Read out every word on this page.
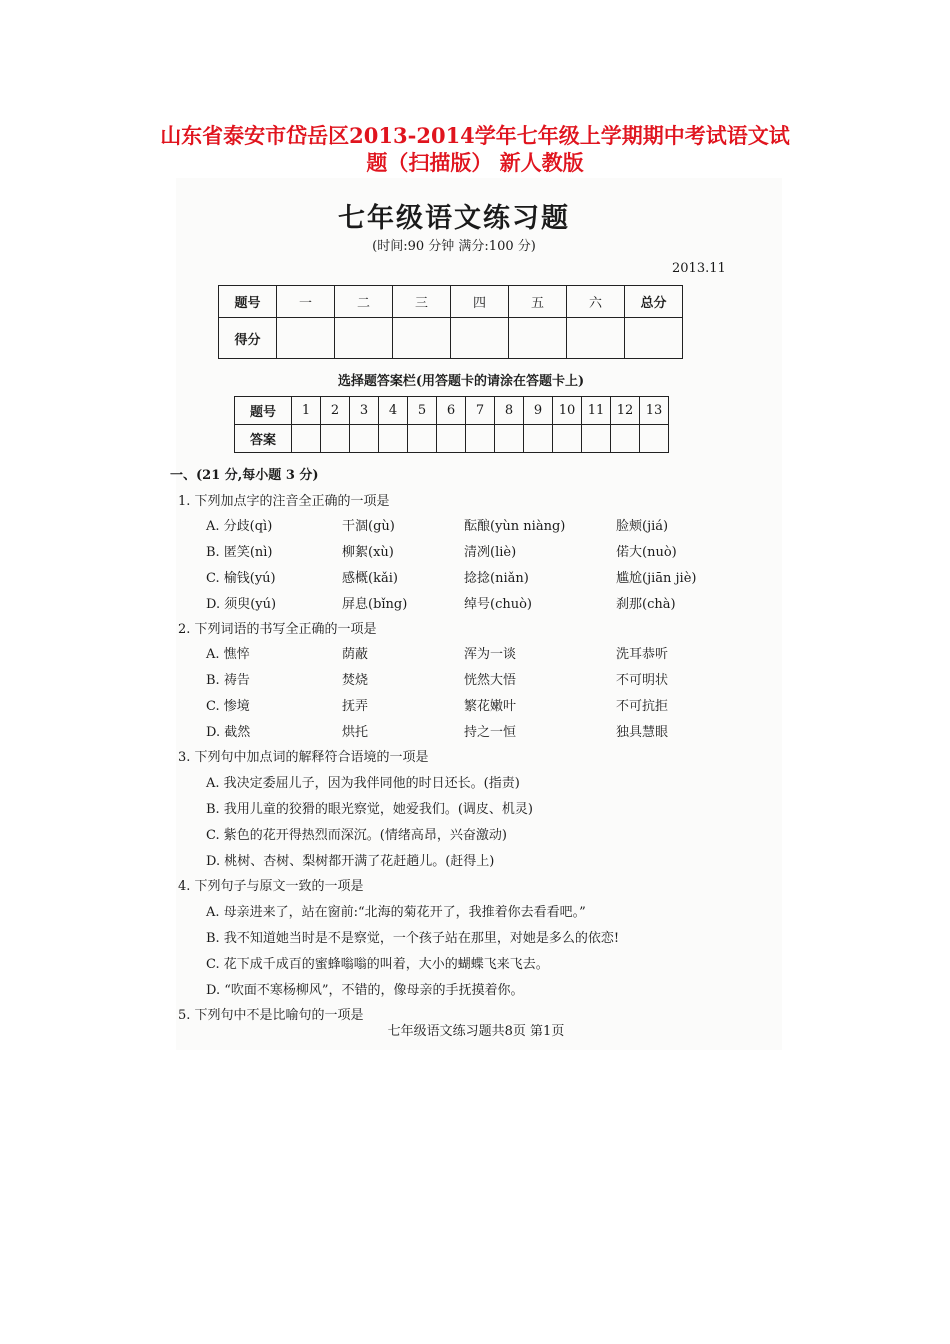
山东省泰安市岱岳区2013-2014学年七年级上学期期中考试语文试
题（扫描版） 新人教版
七年级语文练习题
(时间:90 分钟 满分:100 分)
2013.11
题号	一	二	三	四	五	六	总分
得分							
选择题答案栏(用答题卡的请涂在答题卡上)
题号	1	2	3	4	5	6	7	8	9	10	11	12	13
答案													
一、(21 分,每小题 3 分)
1. 下列加点字的注音全正确的一项是
A. 分歧(qì)	干涸(gù)	酝酿(yùn niàng)	脸颊(jiá)
B. 匿笑(nì)	柳絮(xù)	清冽(liè)	偌大(nuò)
C. 榆钱(yú)	感概(kǎi)	捻捻(niǎn)	尴尬(jiān jiè)
D. 须臾(yú)	屏息(bǐng)	绰号(chuò)	刹那(chà)
2. 下列词语的书写全正确的一项是
A. 憔悴	荫蔽	浑为一谈	洗耳恭听
B. 祷告	焚烧	恍然大悟	不可明状
C. 惨境	抚弄	繁花嫩叶	不可抗拒
D. 截然	烘托	持之一恒	独具慧眼
3. 下列句中加点词的解释符合语境的一项是
A. 我决定委屈儿子，因为我伴同他的时日还长。(指责)
B. 我用儿童的狡猾的眼光察觉，她爱我们。(调皮、机灵)
C. 紫色的花开得热烈而深沉。(情绪高昂，兴奋激动)
D. 桃树、杏树、梨树都开满了花赶趟儿。(赶得上)
4. 下列句子与原文一致的一项是
A. 母亲进来了，站在窗前:“北海的菊花开了，我推着你去看看吧。”
B. 我不知道她当时是不是察觉，一个孩子站在那里，对她是多么的依恋!
C. 花下成千成百的蜜蜂嗡嗡的叫着，大小的蝴蝶飞来飞去。
D. “吹面不寒杨柳风”，不错的，像母亲的手抚摸着你。
5. 下列句中不是比喻句的一项是
七年级语文练习题共8页 第1页
